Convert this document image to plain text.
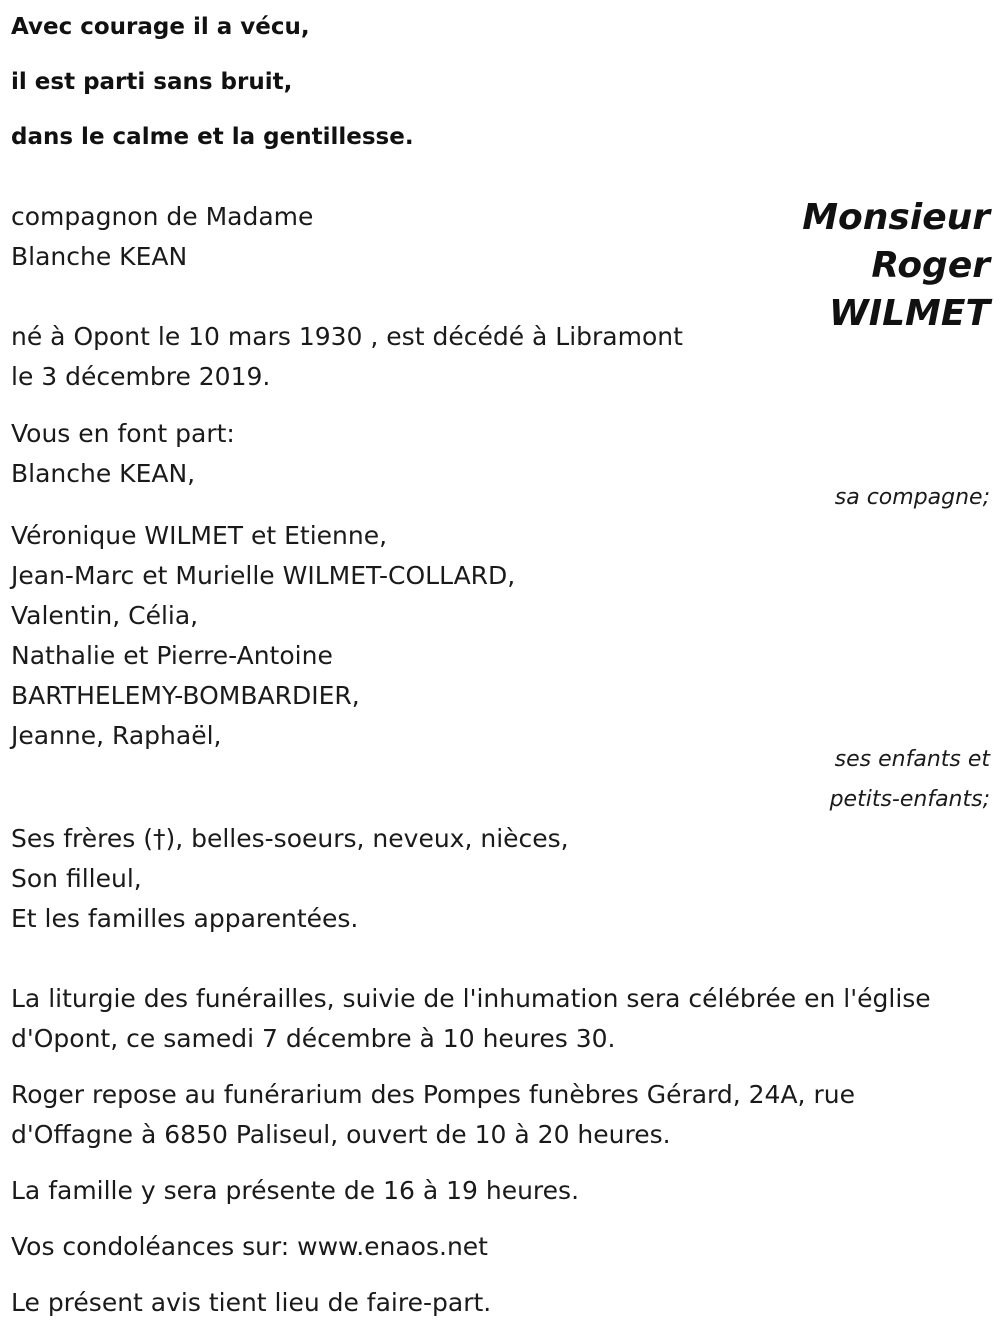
Avec courage il a vécu,
il est parti sans bruit,
dans le calme et la gentillesse.
Monsieur
Roger
WILMET
compagnon de Madame
Blanche KEAN
né à Opont le 10 mars 1930 , est décédé à Libramont
le 3 décembre 2019.
Vous en font part:
Blanche KEAN,
sa compagne;
Véronique WILMET et Etienne,
Jean-Marc et Murielle WILMET-COLLARD,
Valentin, Célia,
Nathalie et Pierre-Antoine
BARTHELEMY-BOMBARDIER,
Jeanne, Raphaël,
ses enfants et
petits-enfants;
Ses frères (†), belles-soeurs, neveux, nièces,
Son filleul,
Et les familles apparentées.
La liturgie des funérailles, suivie de l'inhumation sera célébrée en l'église
d'Opont, ce samedi 7 décembre à 10 heures 30.
Roger repose au funérarium des Pompes funèbres Gérard, 24A, rue
d'Offagne à 6850 Paliseul, ouvert de 10 à 20 heures.
La famille y sera présente de 16 à 19 heures.
Vos condoléances sur: www.enaos.net
Le présent avis tient lieu de faire-part.
